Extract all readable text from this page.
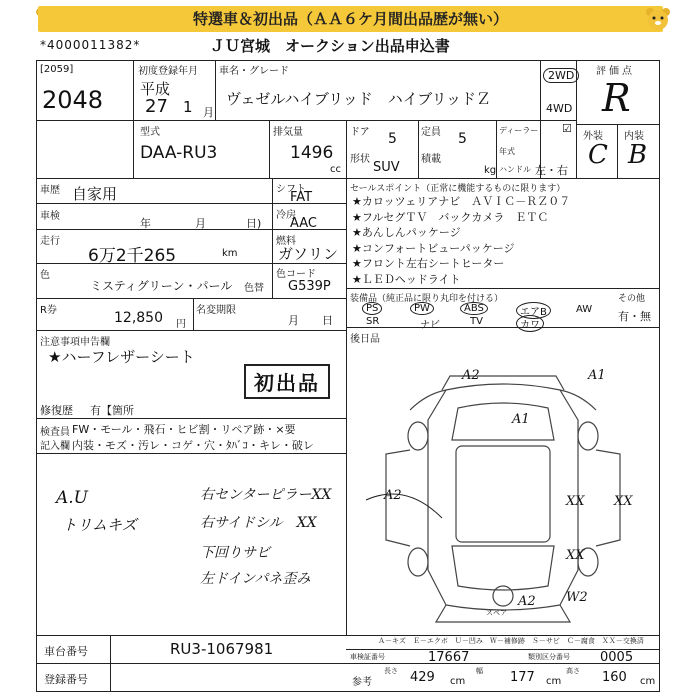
特選車＆初出品（ＡＡ６ケ月間出品歴が無い）
*4000011382*	ＪＵ宮城　オークション出品申込書
[2059]
2048
初度登録年月
平成
27 1 月
車名・グレード
ヴェゼルハイブリッド　ハイブリッドＺ
2WD
4WD
評価点
R
型式
DAA-RU3
排気量
1496
cc
ドア 5 定員 5
形状
SUV
積載
kg
ディーラー ☑
年式
ハンドル 左・右
外装 内装
C B
車歴 自家用	シフト
FAT
車検
年	月	日)
冷房
AAC
走行
6万2千265	km
燃料
ガソリン
色
ミスティグリーン・パール 色替
色コード
G539P
R券	12,850 円
名変期限
月 日
セールスポイント（正常に機能するものに限ります）
★カロッツェリアナビ　ＡＶＩＣ－ＲＺ０７
★フルセグＴＶ　バックカメラ　ＥＴＣ
★あんしんパッケージ
★コンフォートビューパッケージ
★フロント左右シートヒーター
★ＬＥＤヘッドライト
装備品（純正品に限り丸印を付ける）	その他
PS	PW	ABS	エアB	AW
SR	ナビ	TV	カワ
有・無
後日品
注意事項申告欄
★ハーフレザーシート
初出品
修復歴 有【箇所
検査員
記入欄
FW・モール・飛石・ヒビ割・リペア跡・×要
内装・モズ・汚レ・コゲ・穴・ﾀﾊﾞｺ・キレ・破レ
A.U
トリムキズ
右センターピラーXX
右サイドシル　XX
下回りサビ
左ドインパネ歪み
A2	A1
A1
A2	XX XX
XX
A2 W2
スペア
Ａ－キズ　Ｅ－エクボ　Ｕ－凹み　Ｗ－補修跡　Ｓ－サビ　Ｃ－腐食　ＸＸ－交換済
車台番号	RU3-1067981
登録番号
車検証番号	17667	類別区分番号 0005
参考
長さ 429 cm
幅 177 cm
高さ 160 cm
